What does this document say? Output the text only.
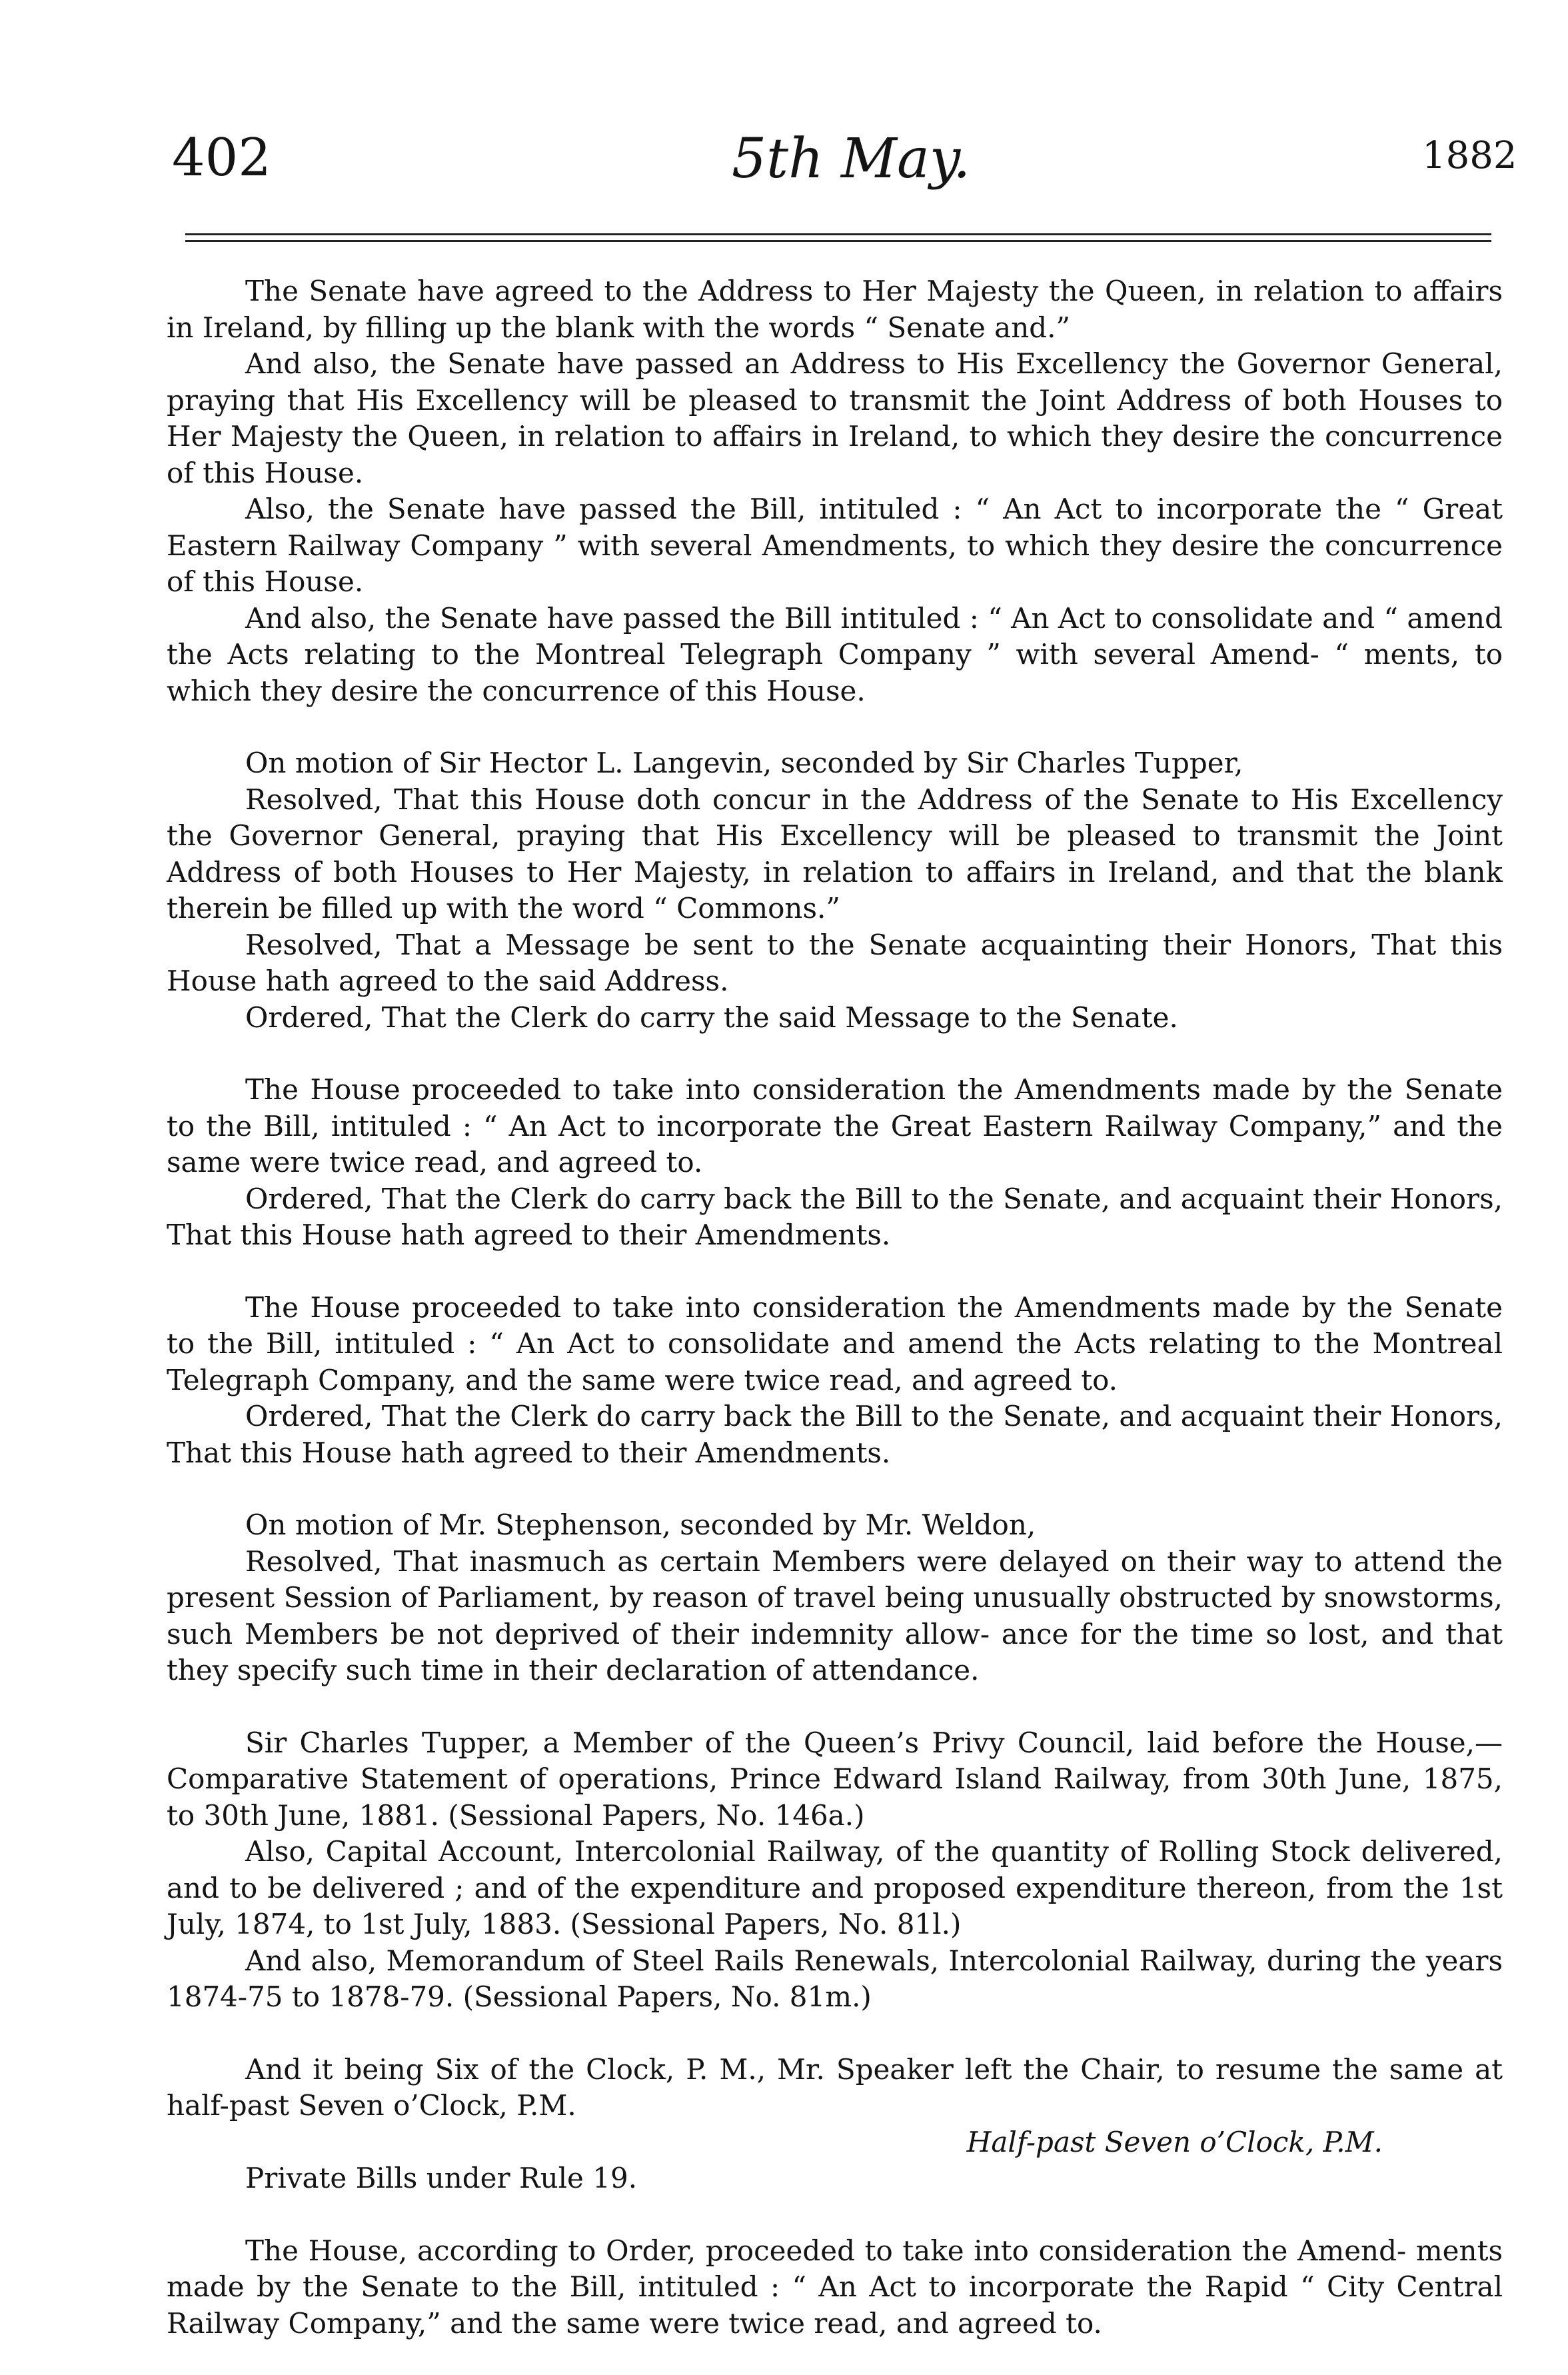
402	5th May.	1882

The Senate have agreed to the Address to Her Majesty the Queen, in relation to affairs in Ireland, by filling up the blank with the words “ Senate and.”

And also, the Senate have passed an Address to His Excellency the Governor General, praying that His Excellency will be pleased to transmit the Joint Address of both Houses to Her Majesty the Queen, in relation to affairs in Ireland, to which they desire the concurrence of this House.

Also, the Senate have passed the Bill, intituled : “ An Act to incorporate the “ Great Eastern Railway Company ” with several Amendments, to which they desire the concurrence of this House.

And also, the Senate have passed the Bill intituled : “ An Act to consolidate and “ amend the Acts relating to the Montreal Telegraph Company ” with several Amend- “ ments, to which they desire the concurrence of this House.

On motion of Sir Hector L. Langevin, seconded by Sir Charles Tupper,

Resolved, That this House doth concur in the Address of the Senate to His Excellency the Governor General, praying that His Excellency will be pleased to transmit the Joint Address of both Houses to Her Majesty, in relation to affairs in Ireland, and that the blank therein be filled up with the word “ Commons.”

Resolved, That a Message be sent to the Senate acquainting their Honors, That this House hath agreed to the said Address.

Ordered, That the Clerk do carry the said Message to the Senate.

The House proceeded to take into consideration the Amendments made by the Senate to the Bill, intituled : “ An Act to incorporate the Great Eastern Railway Company,” and the same were twice read, and agreed to.

Ordered, That the Clerk do carry back the Bill to the Senate, and acquaint their Honors, That this House hath agreed to their Amendments.

The House proceeded to take into consideration the Amendments made by the Senate to the Bill, intituled : “ An Act to consolidate and amend the Acts relating to the Montreal Telegraph Company, and the same were twice read, and agreed to.

Ordered, That the Clerk do carry back the Bill to the Senate, and acquaint their Honors, That this House hath agreed to their Amendments.

On motion of Mr. Stephenson, seconded by Mr. Weldon,

Resolved, That inasmuch as certain Members were delayed on their way to attend the present Session of Parliament, by reason of travel being unusually obstructed by snowstorms, such Members be not deprived of their indemnity allow- ance for the time so lost, and that they specify such time in their declaration of attendance.

Sir Charles Tupper, a Member of the Queen’s Privy Council, laid before the House,—Comparative Statement of operations, Prince Edward Island Railway, from 30th June, 1875, to 30th June, 1881. (Sessional Papers, No. 146a.)

Also, Capital Account, Intercolonial Railway, of the quantity of Rolling Stock delivered, and to be delivered ; and of the expenditure and proposed expenditure thereon, from the 1st July, 1874, to 1st July, 1883. (Sessional Papers, No. 81l.)

And also, Memorandum of Steel Rails Renewals, Intercolonial Railway, during the years 1874-75 to 1878-79. (Sessional Papers, No. 81m.)

And it being Six of the Clock, P. M., Mr. Speaker left the Chair, to resume the same at half-past Seven o’Clock, P.M.

Half-past Seven o’Clock, P.M.

Private Bills under Rule 19.

The House, according to Order, proceeded to take into consideration the Amend- ments made by the Senate to the Bill, intituled : “ An Act to incorporate the Rapid “ City Central Railway Company,” and the same were twice read, and agreed to.
